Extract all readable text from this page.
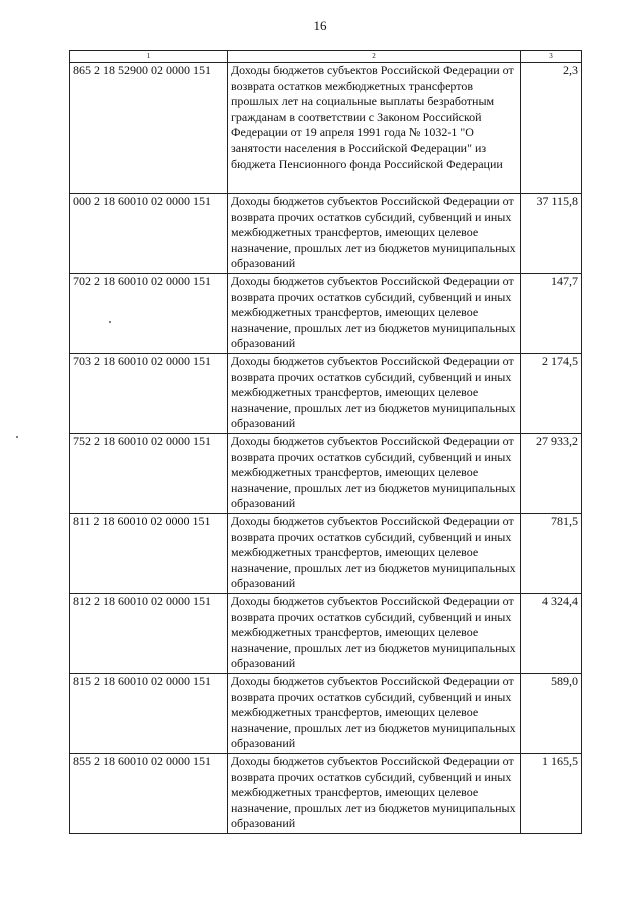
16
1	2	3
865 2 18 52900 02 0000 151	Доходы бюджетов субъектов Российской Федерации от возврата остатков межбюджетных трансфертов прошлых лет на социальные выплаты безработным гражданам в соответствии с Законом Российской Федерации от 19 апреля 1991 года № 1032-1 "О занятости населения в Российской Федерации" из бюджета Пенсионного фонда Российской Федерации	2,3
000 2 18 60010 02 0000 151	Доходы бюджетов субъектов Российской Федерации от возврата прочих остатков субсидий, субвенций и иных межбюджетных трансфертов, имеющих целевое назначение, прошлых лет из бюджетов муниципальных образований	37 115,8
702 2 18 60010 02 0000 151	Доходы бюджетов субъектов Российской Федерации от возврата прочих остатков субсидий, субвенций и иных межбюджетных трансфертов, имеющих целевое назначение, прошлых лет из бюджетов муниципальных образований	147,7
703 2 18 60010 02 0000 151	Доходы бюджетов субъектов Российской Федерации от возврата прочих остатков субсидий, субвенций и иных межбюджетных трансфертов, имеющих целевое назначение, прошлых лет из бюджетов муниципальных образований	2 174,5
752 2 18 60010 02 0000 151	Доходы бюджетов субъектов Российской Федерации от возврата прочих остатков субсидий, субвенций и иных межбюджетных трансфертов, имеющих целевое назначение, прошлых лет из бюджетов муниципальных образований	27 933,2
811 2 18 60010 02 0000 151	Доходы бюджетов субъектов Российской Федерации от возврата прочих остатков субсидий, субвенций и иных межбюджетных трансфертов, имеющих целевое назначение, прошлых лет из бюджетов муниципальных образований	781,5
812 2 18 60010 02 0000 151	Доходы бюджетов субъектов Российской Федерации от возврата прочих остатков субсидий, субвенций и иных межбюджетных трансфертов, имеющих целевое назначение, прошлых лет из бюджетов муниципальных образований	4 324,4
815 2 18 60010 02 0000 151	Доходы бюджетов субъектов Российской Федерации от возврата прочих остатков субсидий, субвенций и иных межбюджетных трансфертов, имеющих целевое назначение, прошлых лет из бюджетов муниципальных образований	589,0
855 2 18 60010 02 0000 151	Доходы бюджетов субъектов Российской Федерации от возврата прочих остатков субсидий, субвенций и иных межбюджетных трансфертов, имеющих целевое назначение, прошлых лет из бюджетов муниципальных образований	1 165,5
